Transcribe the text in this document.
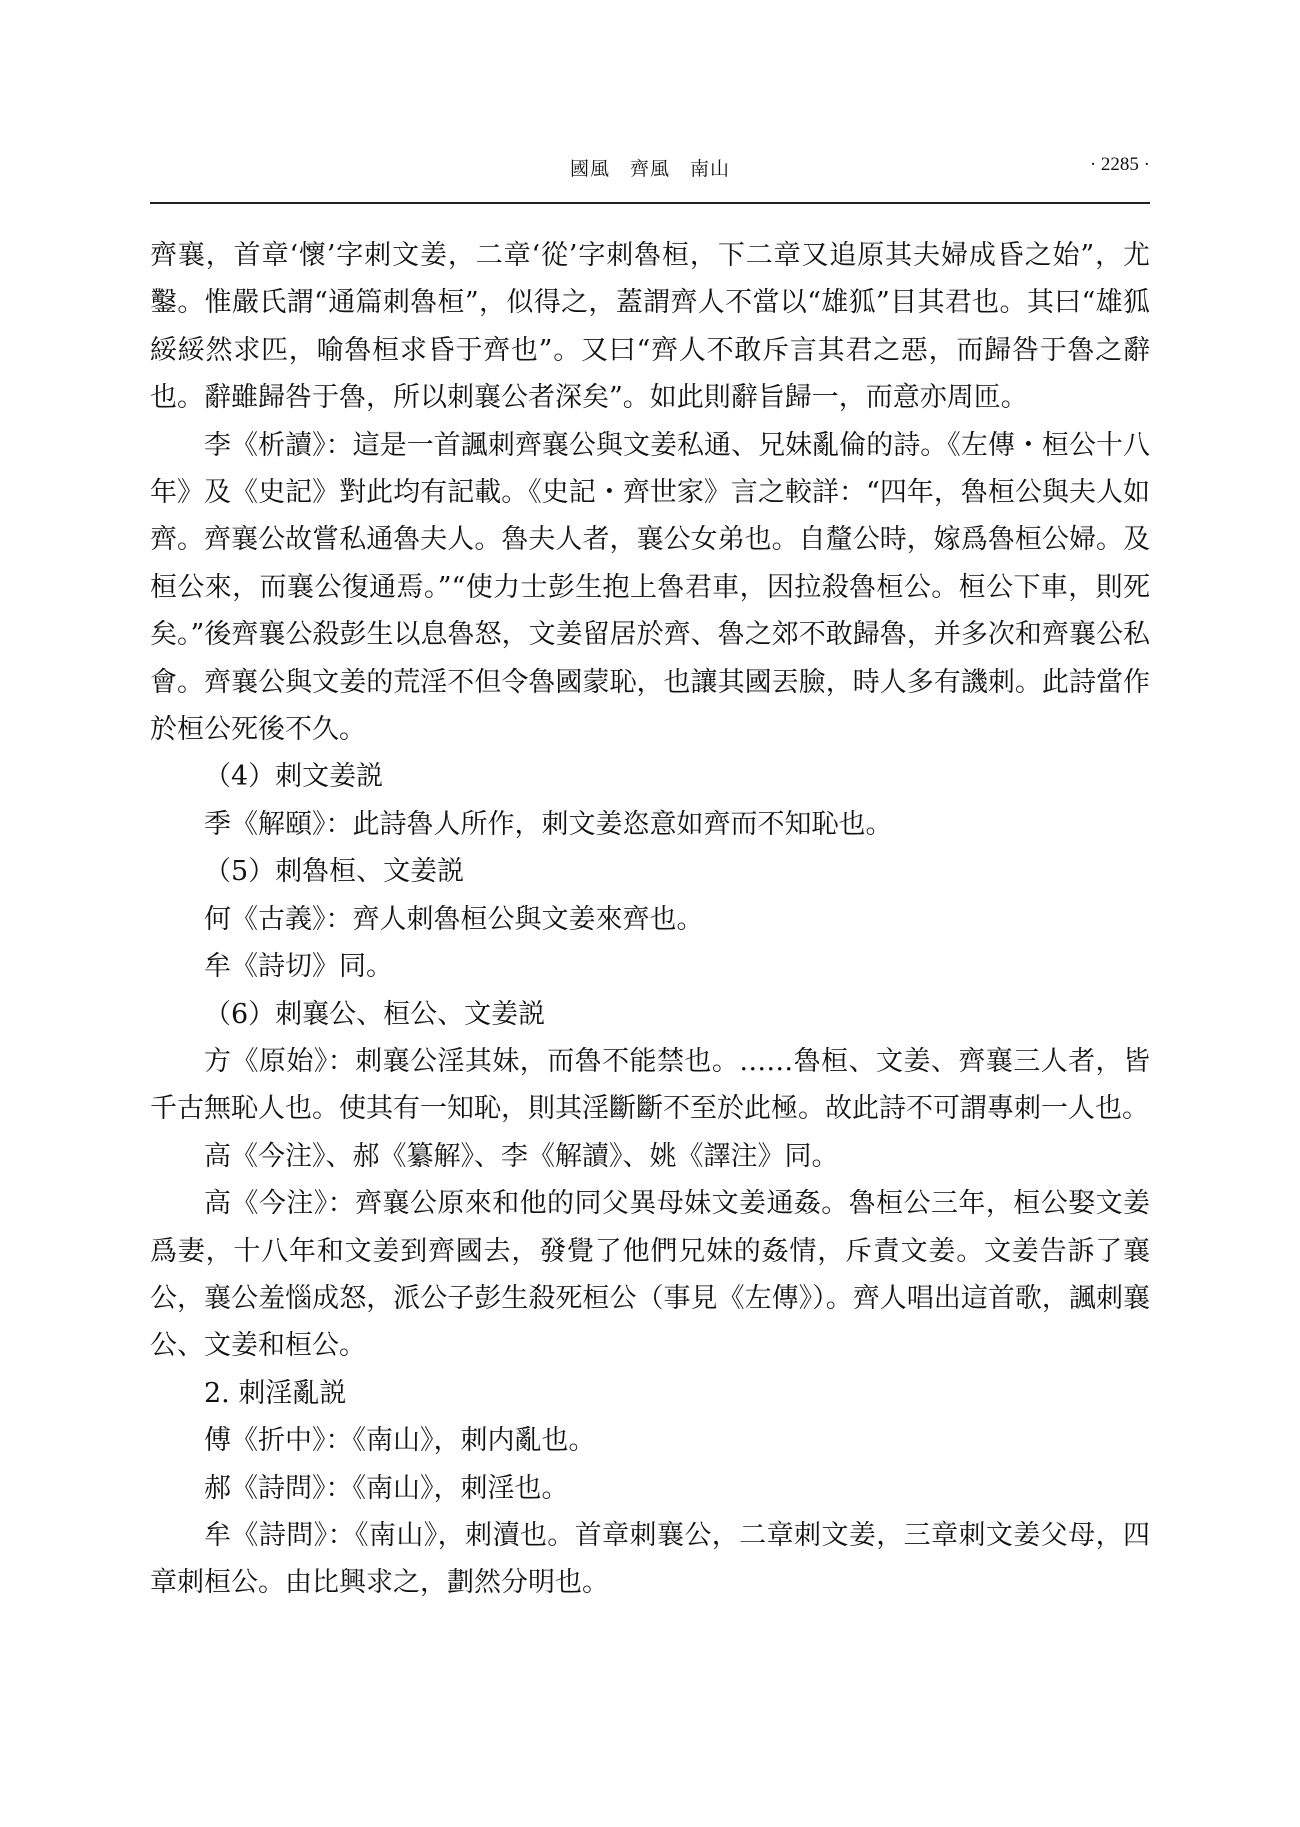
國風　齊風　南山	· 2285 ·

齊襄，首章‘懷’字刺文姜，二章‘從’字刺魯桓，下二章又追原其夫婦成昏之始”，尤鑿。惟嚴氏謂“通篇刺魯桓”，似得之，蓋謂齊人不當以“雄狐”目其君也。其曰“雄狐綏綏然求匹，喻魯桓求昏于齊也”。又曰“齊人不敢斥言其君之惡，而歸咎于魯之辭也。辭雖歸咎于魯，所以刺襄公者深矣”。如此則辭旨歸一，而意亦周匝。

李《析讀》：這是一首諷刺齊襄公與文姜私通、兄妹亂倫的詩。《左傳・桓公十八年》及《史記》對此均有記載。《史記・齊世家》言之較詳：“四年，魯桓公與夫人如齊。齊襄公故嘗私通魯夫人。魯夫人者，襄公女弟也。自釐公時，嫁爲魯桓公婦。及桓公來，而襄公復通焉。”“使力士彭生抱上魯君車，因拉殺魯桓公。桓公下車，則死矣。”後齊襄公殺彭生以息魯怒，文姜留居於齊、魯之郊不敢歸魯，并多次和齊襄公私會。齊襄公與文姜的荒淫不但令魯國蒙恥，也讓其國丟臉，時人多有譏刺。此詩當作於桓公死後不久。

（4）刺文姜説

季《解頤》：此詩魯人所作，刺文姜恣意如齊而不知恥也。

（5）刺魯桓、文姜説

何《古義》：齊人刺魯桓公與文姜來齊也。

牟《詩切》同。

（6）刺襄公、桓公、文姜説

方《原始》：刺襄公淫其妹，而魯不能禁也。……魯桓、文姜、齊襄三人者，皆千古無恥人也。使其有一知恥，則其淫斷斷不至於此極。故此詩不可謂專刺一人也。

高《今注》、郝《纂解》、李《解讀》、姚《譯注》同。

高《今注》：齊襄公原來和他的同父異母妹文姜通姦。魯桓公三年，桓公娶文姜爲妻，十八年和文姜到齊國去，發覺了他們兄妹的姦情，斥責文姜。文姜告訴了襄公，襄公羞惱成怒，派公子彭生殺死桓公（事見《左傳》）。齊人唱出這首歌，諷刺襄公、文姜和桓公。

2. 刺淫亂説

傅《折中》：《南山》，刺内亂也。

郝《詩問》：《南山》，刺淫也。

牟《詩問》：《南山》，刺瀆也。首章刺襄公，二章刺文姜，三章刺文姜父母，四章刺桓公。由比興求之，劃然分明也。
